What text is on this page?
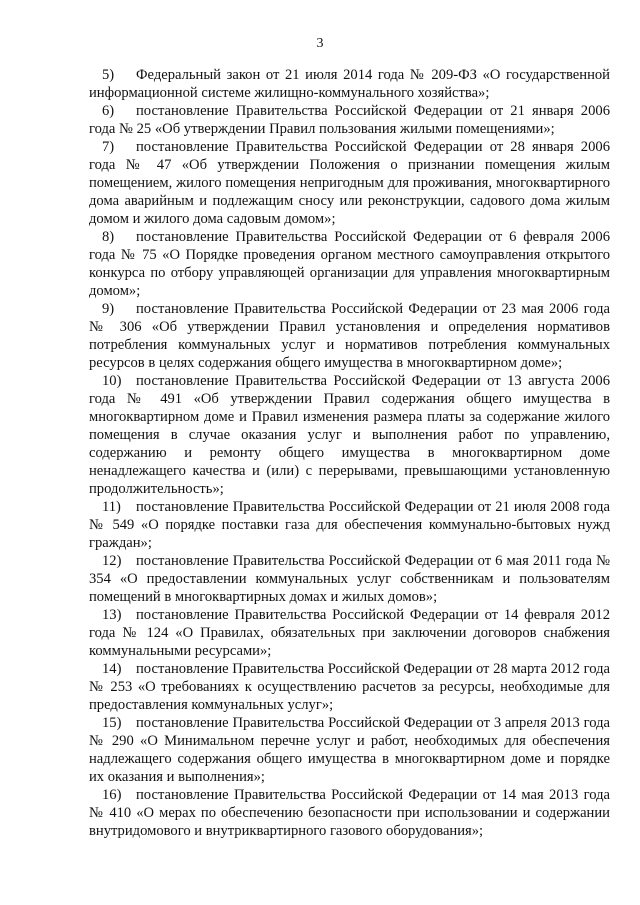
3

5) Федеральный закон от 21 июля 2014 года № 209-ФЗ «О государственной информационной системе жилищно-коммунального хозяйства»;

6) постановление Правительства Российской Федерации от 21 января 2006 года № 25 «Об утверждении Правил пользования жилыми помещениями»;

7) постановление Правительства Российской Федерации от 28 января 2006 года № 47 «Об утверждении Положения о признании помещения жилым помещением, жилого помещения непригодным для проживания, многоквартирного дома аварийным и подлежащим сносу или реконструкции, садового дома жилым домом и жилого дома садовым домом»;

8) постановление Правительства Российской Федерации от 6 февраля 2006 года № 75 «О Порядке проведения органом местного самоуправления открытого конкурса по отбору управляющей организации для управления многоквартирным домом»;

9) постановление Правительства Российской Федерации от 23 мая 2006 года № 306 «Об утверждении Правил установления и определения нормативов потребления коммунальных услуг и нормативов потребления коммунальных ресурсов в целях содержания общего имущества в многоквартирном доме»;

10) постановление Правительства Российской Федерации от 13 августа 2006 года № 491 «Об утверждении Правил содержания общего имущества в многоквартирном доме и Правил изменения размера платы за содержание жилого помещения в случае оказания услуг и выполнения работ по управлению, содержанию и ремонту общего имущества в многоквартирном доме ненадлежащего качества и (или) с перерывами, превышающими установленную продолжительность»;

11) постановление Правительства Российской Федерации от 21 июля 2008 года № 549 «О порядке поставки газа для обеспечения коммунально-бытовых нужд граждан»;

12) постановление Правительства Российской Федерации от 6 мая 2011 года № 354 «О предоставлении коммунальных услуг собственникам и пользователям помещений в многоквартирных домах и жилых домов»;

13) постановление Правительства Российской Федерации от 14 февраля 2012 года № 124 «О Правилах, обязательных при заключении договоров снабжения коммунальными ресурсами»;

14) постановление Правительства Российской Федерации от 28 марта 2012 года № 253 «О требованиях к осуществлению расчетов за ресурсы, необходимые для предоставления коммунальных услуг»;

15) постановление Правительства Российской Федерации от 3 апреля 2013 года № 290 «О Минимальном перечне услуг и работ, необходимых для обеспечения надлежащего содержания общего имущества в многоквартирном доме и порядке их оказания и выполнения»;

16) постановление Правительства Российской Федерации от 14 мая 2013 года № 410 «О мерах по обеспечению безопасности при использовании и содержании внутридомового и внутриквартирного газового оборудования»;
